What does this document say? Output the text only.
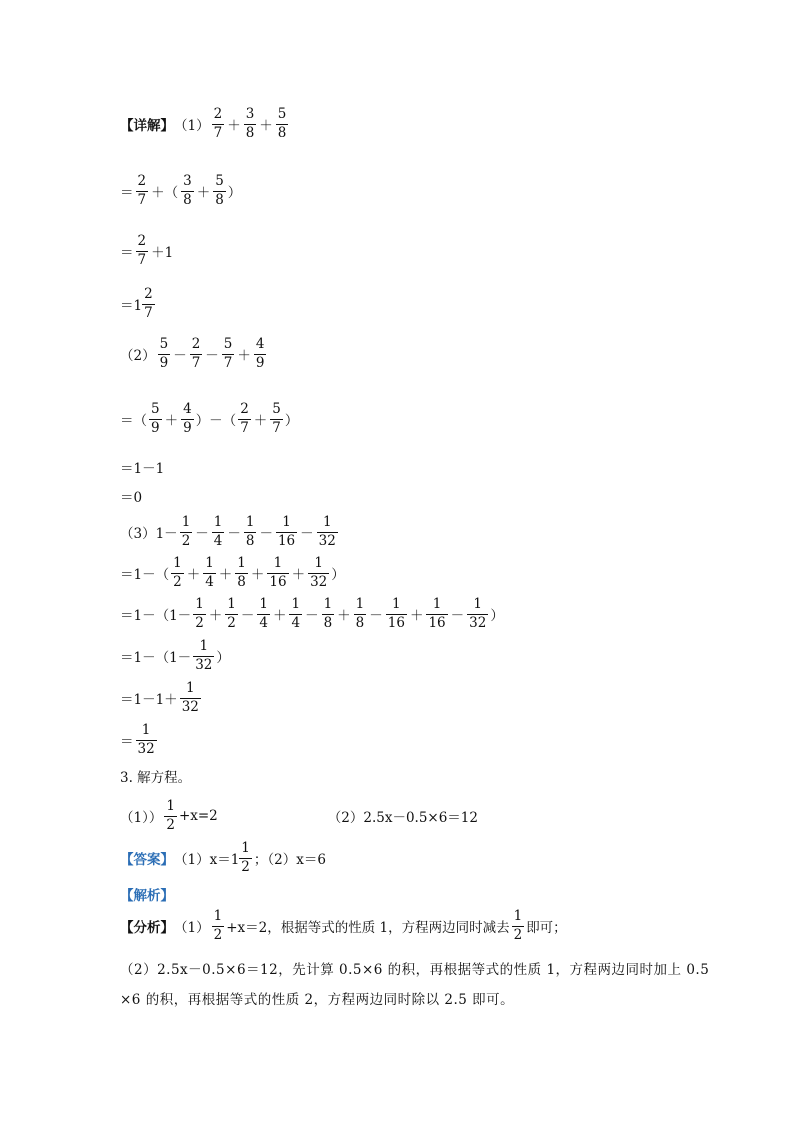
【详解】 $(1) \frac{2}{7} + \frac{3}{8} + \frac{5}{8}$
＝ $\frac{2}{7}$ ＋（ $\frac{3}{8} + \frac{5}{8}$ ）
＝ $\frac{2}{7} +1$
$=1 \frac{2}{7}$
$(2) \frac{5}{9} - \frac{2}{7} - \frac{5}{7} + \frac{4}{9}$
＝（ $\frac{5}{9} + \frac{4}{9}$ ）－（ $\frac{2}{7} + \frac{5}{7}$ ）
＝1－1
＝0
（3） $1- \frac{1}{2} - \frac{1}{4} - \frac{1}{8} - \frac{1}{16} - \frac{1}{32}$
$=1-( \frac{1}{2} + \frac{1}{4} + \frac{1}{8} + \frac{1}{16} + \frac{1}{32}$ ）
$=1-(1- \frac{1}{2} + \frac{1}{2} - \frac{1}{4} + \frac{1}{4} - \frac{1}{8} + \frac{1}{8} - \frac{1}{16} + \frac{1}{16} - \frac{1}{32}$ ）
$=1-(1- \frac{1}{32}$ ）
$=1-1+ \frac{1}{32}$
＝ $\frac{1}{32}$
3. 解方程。
$(1)) \frac{1}{2} +x=2$	（2）2.5x－0.5×6＝12
【答案】 $(1)x=1 \frac{1}{2}$ ；（2）x＝6
【解析】
【分析】 $(1) \frac{1}{2} +x=2$，根据等式的性质 1，方程两边同时减去 $\frac{1}{2}$ 即可；
（2）2.5x－0.5×6＝12，先计算 0.5×6 的积，再根据等式的性质 1，方程两边同时加上 0.5
×6 的积，再根据等式的性质 2，方程两边同时除以 2.5 即可。
